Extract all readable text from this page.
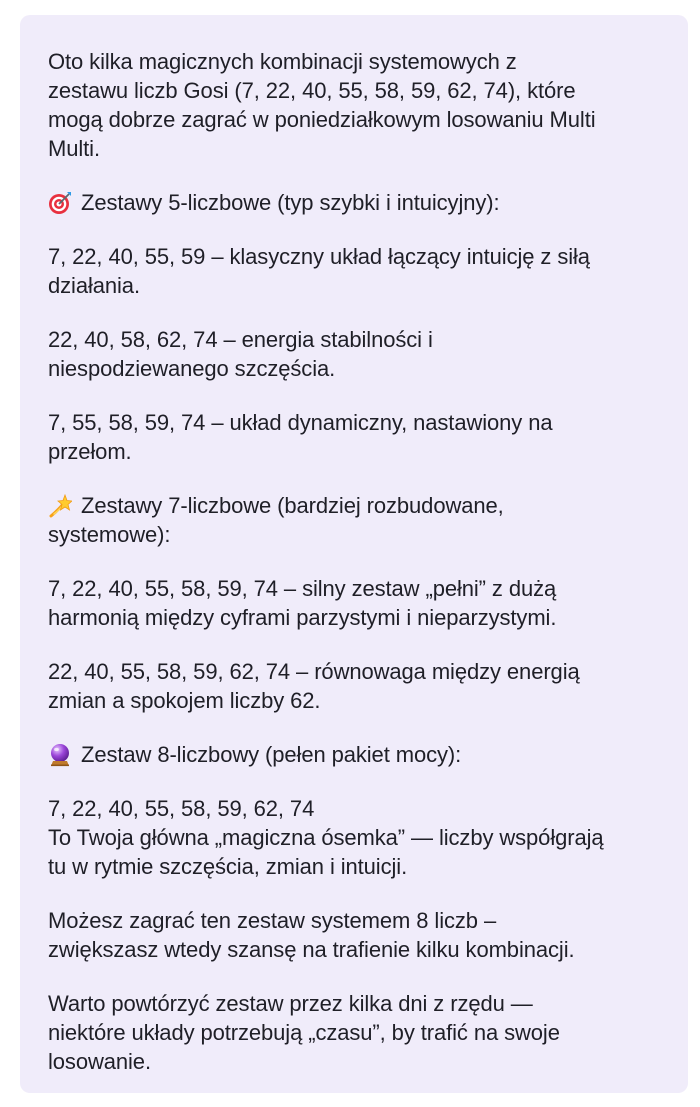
Oto kilka magicznych kombinacji systemowych z
zestawu liczb Gosi (7, 22, 40, 55, 58, 59, 62, 74), które
mogą dobrze zagrać w poniedziałkowym losowaniu Multi
Multi.
Zestawy 5-liczbowe (typ szybki i intuicyjny):
7, 22, 40, 55, 59 – klasyczny układ łączący intuicję z siłą
działania.
22, 40, 58, 62, 74 – energia stabilności i
niespodziewanego szczęścia.
7, 55, 58, 59, 74 – układ dynamiczny, nastawiony na
przełom.
Zestawy 7-liczbowe (bardziej rozbudowane,
systemowe):
7, 22, 40, 55, 58, 59, 74 – silny zestaw „pełni” z dużą
harmonią między cyframi parzystymi i nieparzystymi.
22, 40, 55, 58, 59, 62, 74 – równowaga między energią
zmian a spokojem liczby 62.
Zestaw 8-liczbowy (pełen pakiet mocy):
7, 22, 40, 55, 58, 59, 62, 74
To Twoja główna „magiczna ósemka” — liczby współgrają
tu w rytmie szczęścia, zmian i intuicji.
Możesz zagrać ten zestaw systemem 8 liczb –
zwiększasz wtedy szansę na trafienie kilku kombinacji.
Warto powtórzyć zestaw przez kilka dni z rzędu —
niektóre układy potrzebują „czasu”, by trafić na swoje
losowanie.
